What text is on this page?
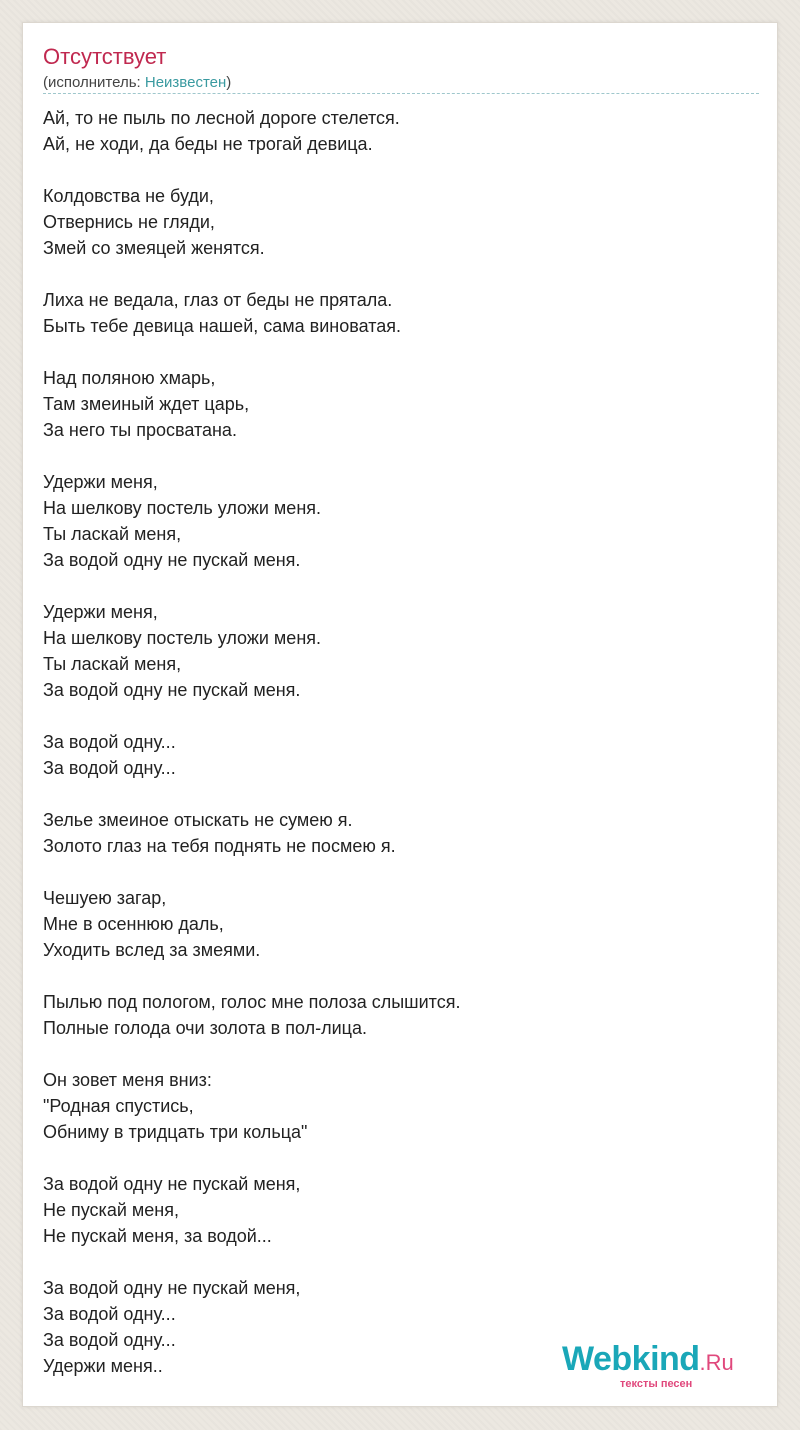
Отсутствует
(исполнитель: Неизвестен)
Ай, то не пыль по лесной дороге стелется.
Ай, не ходи, да беды не трогай девица.
Колдовства не буди,
Отвернись не гляди,
Змей со змеяцей женятся.
Лиха не ведала, глаз от беды не прятала.
Быть тебе девица нашей, сама виноватая.
Над поляною хмарь,
Там змеиный ждет царь,
За него ты просватана.
Удержи меня,
На шелкову постель уложи меня.
Ты ласкай меня,
За водой одну не пускай меня.
Удержи меня,
На шелкову постель уложи меня.
Ты ласкай меня,
За водой одну не пускай меня.
За водой одну...
За водой одну...
Зелье змеиное отыскать не сумею я.
Золото глаз на тебя поднять не посмею я.
Чешуею загар,
Мне в осеннюю даль,
Уходить вслед за змеями.
Пылью под пологом, голос мне полоза слышится.
Полные голода очи золота в пол-лица.
Он зовет меня вниз:
"Родная спустись,
Обниму в тридцать три кольца"
За водой одну не пускай меня,
Не пускай меня,
Не пускай меня, за водой...
За водой одну не пускай меня,
За водой одну...
За водой одну...
Удержи меня..	Webkind.Ru
тексты песен
